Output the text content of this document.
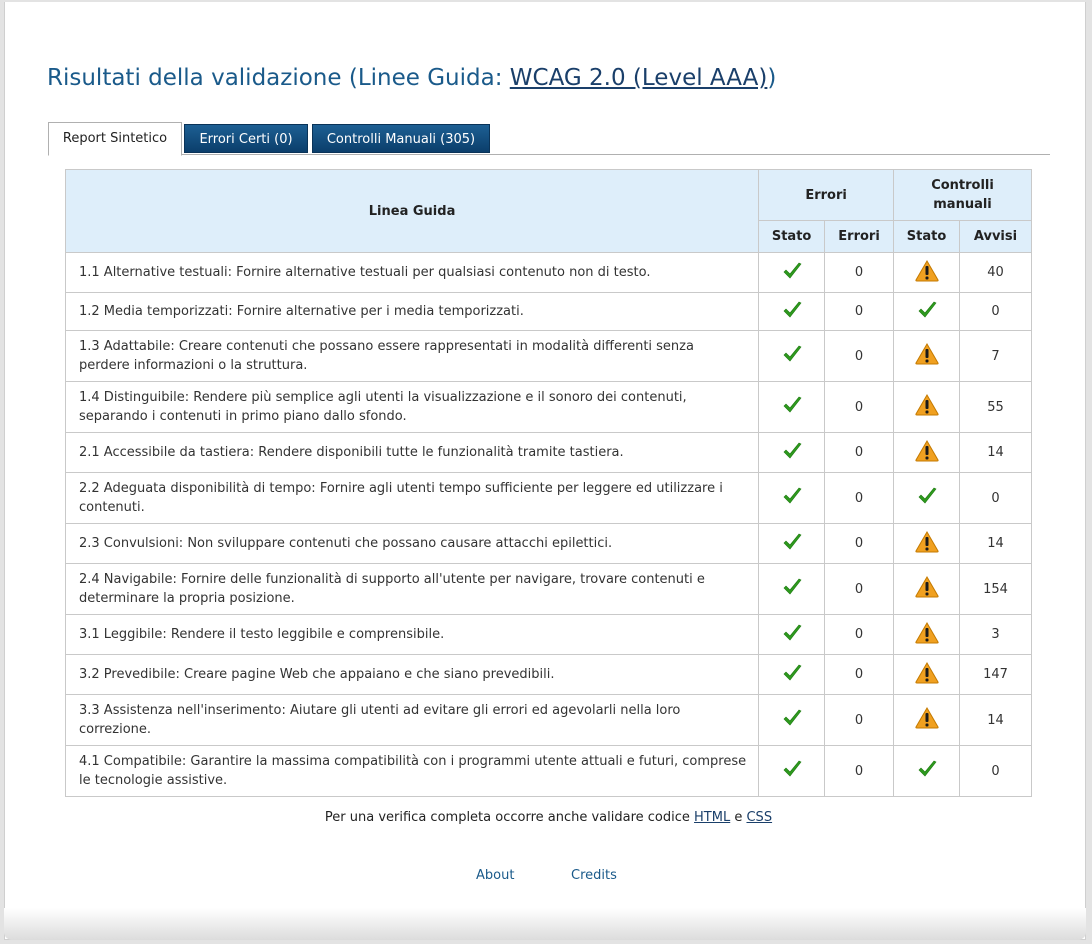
Risultati della validazione (Linee Guida: WCAG 2.0 (Level AAA))
Report Sintetico	Errori Certi (0)	Controlli Manuali (305)
Linea Guida	Errori		Controlli manuali	
	Stato	Errori	Stato	Avvisi
1.1 Alternative testuali: Fornire alternative testuali per qualsiasi contenuto non di testo.		0		40
1.2 Media temporizzati: Fornire alternative per i media temporizzati.		0		0
1.3 Adattabile: Creare contenuti che possano essere rappresentati in modalità differenti senza perdere informazioni o la struttura.		0		7
1.4 Distinguibile: Rendere più semplice agli utenti la visualizzazione e il sonoro dei contenuti, separando i contenuti in primo piano dallo sfondo.		0		55
2.1 Accessibile da tastiera: Rendere disponibili tutte le funzionalità tramite tastiera.		0		14
2.2 Adeguata disponibilità di tempo: Fornire agli utenti tempo sufficiente per leggere ed utilizzare i contenuti.		0		0
2.3 Convulsioni: Non sviluppare contenuti che possano causare attacchi epilettici.		0		14
2.4 Navigabile: Fornire delle funzionalità di supporto all'utente per navigare, trovare contenuti e determinare la propria posizione.		0		154
3.1 Leggibile: Rendere il testo leggibile e comprensibile.		0		3
3.2 Prevedibile: Creare pagine Web che appaiano e che siano prevedibili.		0		147
3.3 Assistenza nell'inserimento: Aiutare gli utenti ad evitare gli errori ed agevolarli nella loro correzione.		0		14
4.1 Compatibile: Garantire la massima compatibilità con i programmi utente attuali e futuri, comprese le tecnologie assistive.		0		0
Per una verifica completa occorre anche validare codice HTML e CSS
About	Credits
